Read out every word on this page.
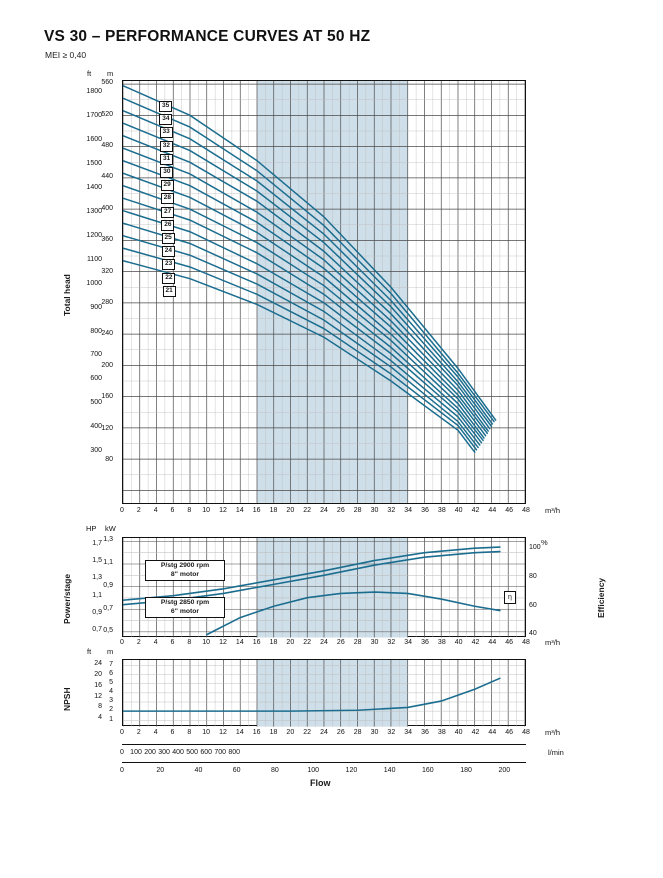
VS 30 – PERFORMANCE CURVES AT 50 HZ
MEI ≥ 0,40
Total head
ft m
m³/h
Power/stage	Efficiency
HP kW
%
m³/h
P/stg 2900 rpm
8" motor
P/stg 2850 rpm
6" motor
η
NPSH
ft m
m³/h
l/min
Flow
300
400
500
600
700
800
900
1000
1100
1200
1300
1400
1500
1600
1700
1800
80
120
160
200
240
280
320
360
400
440
480
520
560
0	2	4	6	8	10	12	14	16	18	20	22	24	26	28	30	32	34	36	38	40	42	44	46	48
0,7
0,9
1,1
1,3
1,5
1,7
0,5
0,7
0,9
1,1
1,3
40
60
80
100
0	2	4	6	8	10	12	14	16	18	20	22	24	26	28	30	32	34	36	38	40	42	44	46	48
4
8
12
16
20
24
1
2
3
4
5
6
7
0	2	4	6	8	10	12	14	16	18	20	22	24	26	28	30	32	34	36	38	40	42	44	46	48
0 100 200 300 400 500 600 700 800
0	20	40	60	80	100	120	140	160	180	200
35
34
33
32
31
30
29
28
27
26
25
24
23
22
21
